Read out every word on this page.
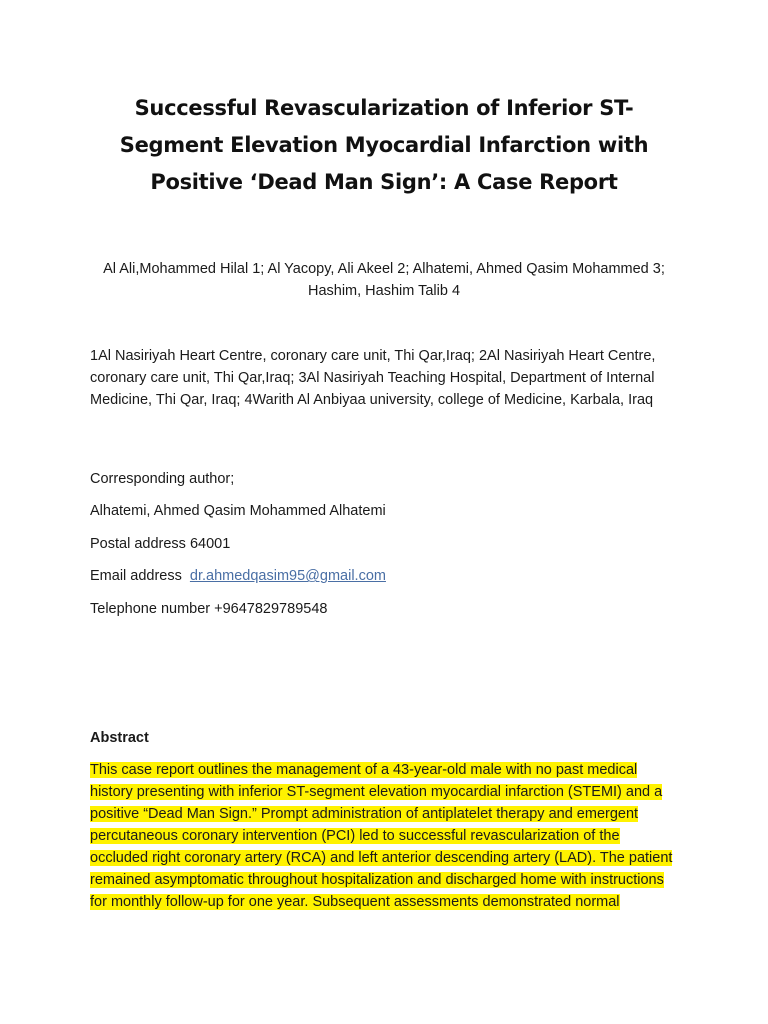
Successful Revascularization of Inferior ST-
Segment Elevation Myocardial Infarction with
Positive ‘Dead Man Sign’: A Case Report
Al Ali,Mohammed Hilal 1; Al Yacopy, Ali Akeel 2; Alhatemi, Ahmed Qasim Mohammed 3;
Hashim, Hashim Talib 4
1Al Nasiriyah Heart Centre, coronary care unit, Thi Qar,Iraq; 2Al Nasiriyah Heart Centre,
coronary care unit, Thi Qar,Iraq; 3Al Nasiriyah Teaching Hospital, Department of Internal
Medicine, Thi Qar, Iraq; 4Warith Al Anbiyaa university, college of Medicine, Karbala, Iraq
Corresponding author;
Alhatemi, Ahmed Qasim Mohammed Alhatemi
Postal address 64001
Email address dr.ahmedqasim95@gmail.com
Telephone number +9647829789548
Abstract
This case report outlines the management of a 43-year-old male with no past medical
history presenting with inferior ST-segment elevation myocardial infarction (STEMI) and a
positive “Dead Man Sign.” Prompt administration of antiplatelet therapy and emergent
percutaneous coronary intervention (PCI) led to successful revascularization of the
occluded right coronary artery (RCA) and left anterior descending artery (LAD). The patient
remained asymptomatic throughout hospitalization and discharged home with instructions
for monthly follow-up for one year. Subsequent assessments demonstrated normal
